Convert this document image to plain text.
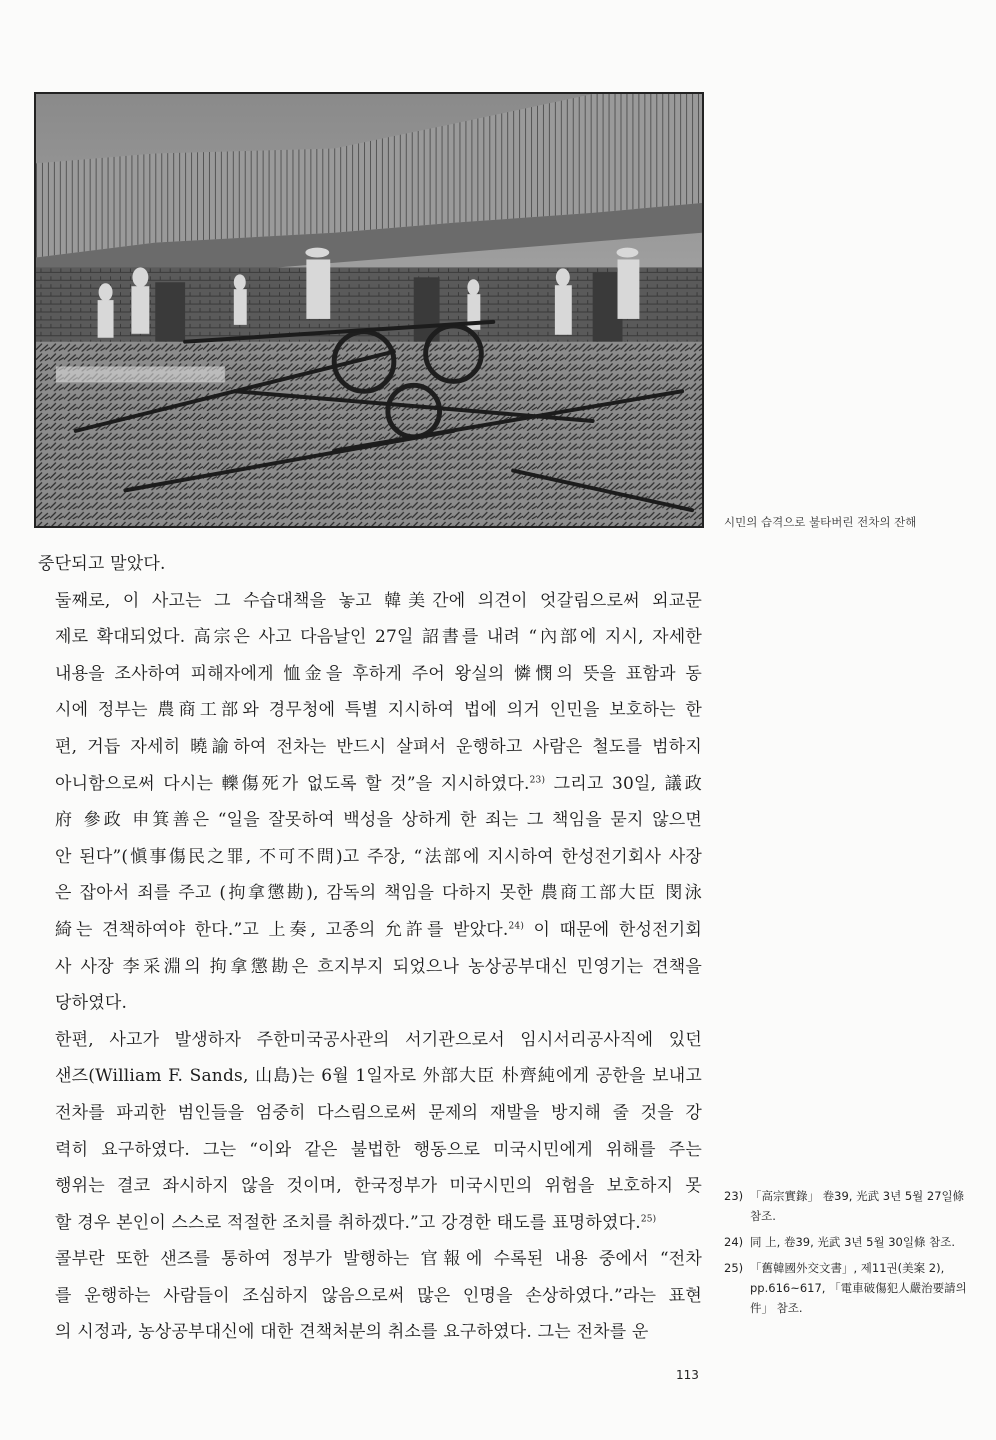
시민의 습격으로 불타버린 전차의 잔해

중단되고 말았다.

둘째로, 이 사고는 그 수습대책을 놓고 韓美간에 의견이 엇갈림으로써 외교문
제로 확대되었다. 高宗은 사고 다음날인 27일 詔書를 내려 “內部에 지시, 자세한
내용을 조사하여 피해자에게 恤金을 후하게 주어 왕실의 憐憫의 뜻을 표함과 동
시에 정부는 農商工部와 경무청에 특별 지시하여 법에 의거 인민을 보호하는 한
편, 거듭 자세히 曉諭하여 전차는 반드시 살펴서 운행하고 사람은 철도를 범하지
아니함으로써 다시는 轢傷死가 없도록 할 것”을 지시하였다.$^{23)}$ 그리고 30일, 議政
府 參政 申箕善은 “일을 잘못하여 백성을 상하게 한 죄는 그 책임을 묻지 않으면
안 된다”(愼事傷民之罪, 不可不問)고 주장, “法部에 지시하여 한성전기회사 사장
은 잡아서 죄를 주고 (拘拿懲勘), 감독의 책임을 다하지 못한 農商工部大臣 閔泳
綺는 견책하여야 한다.”고 上奏, 고종의 允許를 받았다.$^{24)}$ 이 때문에 한성전기회
사 사장 李采淵의 拘拿懲勘은 흐지부지 되었으나 농상공부대신 민영기는 견책을
당하였다.

한편, 사고가 발생하자 주한미국공사관의 서기관으로서 임시서리공사직에 있던
샌즈(William F. Sands, 山島)는 6월 1일자로 外部大臣 朴齊純에게 공한을 보내고
전차를 파괴한 범인들을 엄중히 다스림으로써 문제의 재발을 방지해 줄 것을 강
력히 요구하였다. 그는 “이와 같은 불법한 행동으로 미국시민에게 위해를 주는
행위는 결코 좌시하지 않을 것이며, 한국정부가 미국시민의 위험을 보호하지 못
할 경우 본인이 스스로 적절한 조치를 취하겠다.”고 강경한 태도를 표명하였다.$^{25)}$

콜부란 또한 샌즈를 통하여 정부가 발행하는 官報에 수록된 내용 중에서 “전차
를 운행하는 사람들이 조심하지 않음으로써 많은 인명을 손상하였다.”라는 표현
의 시정과, 농상공부대신에 대한 견책처분의 취소를 요구하였다. 그는 전차를 운

23) 「高宗實錄」 卷39, 光武 3년 5월 27일條 참조.
24) 同 上, 卷39, 光武 3년 5월 30일條 참조.
25) 「舊韓國外交文書」, 제11권(美案 2), pp.616~617, 「電車破傷犯人嚴治要請의 件」 참조.
113
